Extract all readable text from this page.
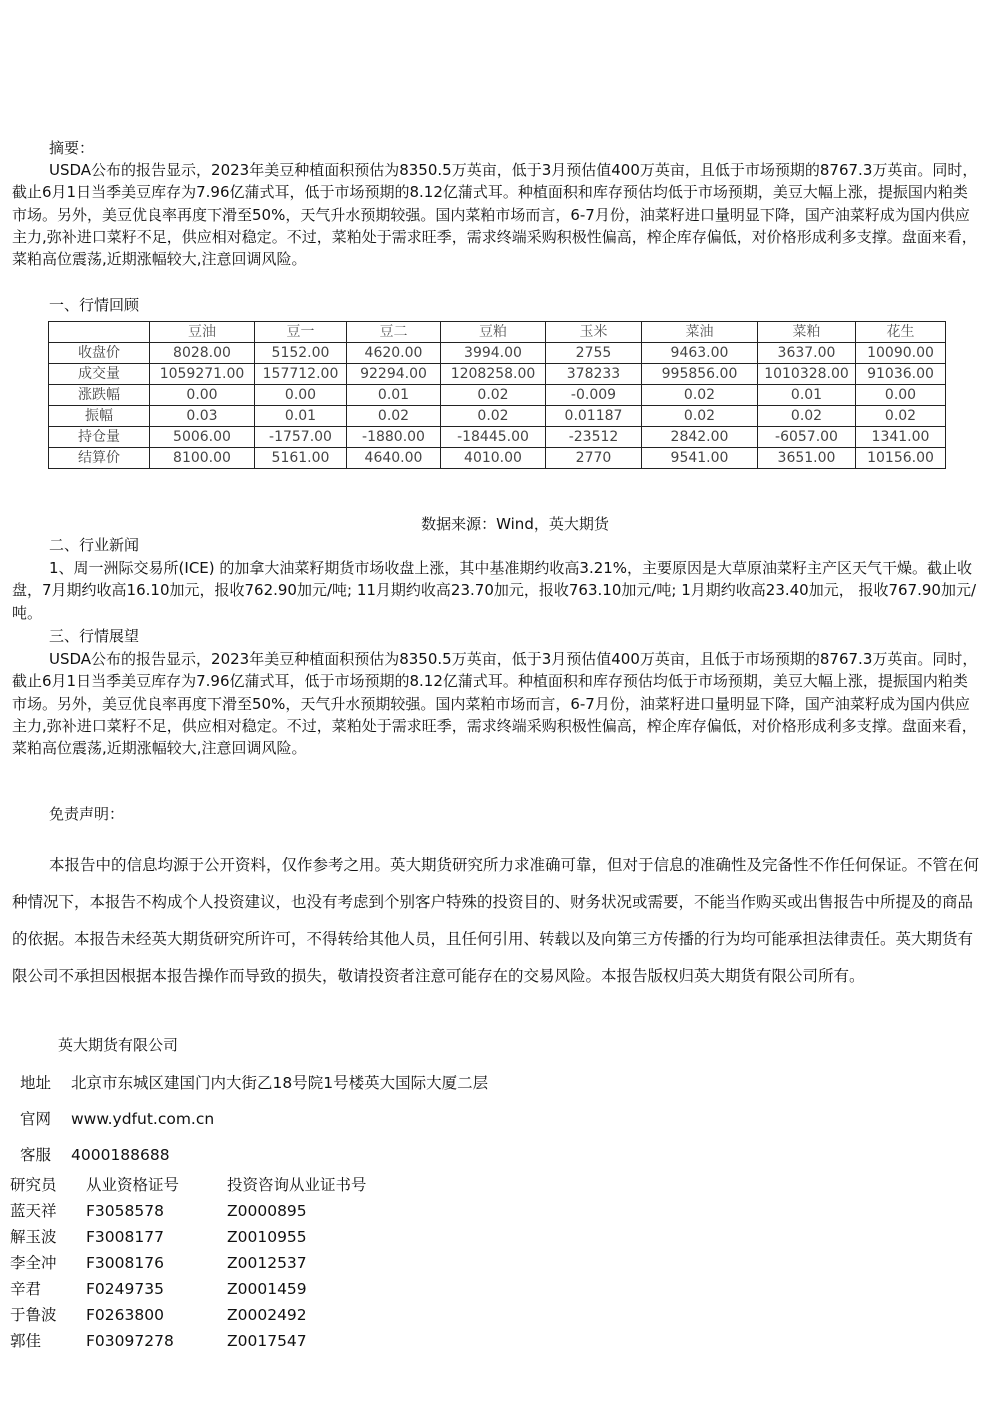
摘要：

USDA公布的报告显示，2023年美豆种植面积预估为8350.5万英亩，低于3月预估值400万英亩，且低于市场预期的8767.3万英亩。同时，截止6月1日当季美豆库存为7.96亿蒲式耳，低于市场预期的8.12亿蒲式耳。种植面积和库存预估均低于市场预期，美豆大幅上涨，提振国内粕类市场。另外，美豆优良率再度下滑至50%，天气升水预期较强。国内菜粕市场而言，6-7月份，油菜籽进口量明显下降，国产油菜籽成为国内供应主力,弥补进口菜籽不足，供应相对稳定。不过，菜粕处于需求旺季，需求终端采购积极性偏高，榨企库存偏低，对价格形成利多支撑。盘面来看，菜粕高位震荡,近期涨幅较大,注意回调风险。

一、行情回顾
	豆油	豆一	豆二	豆粕	玉米	菜油	菜粕	花生
收盘价	8028.00	5152.00	4620.00	3994.00	2755	9463.00	3637.00	10090.00
成交量	1059271.00	157712.00	92294.00	1208258.00	378233	995856.00	1010328.00	91036.00
涨跌幅	0.00	0.00	0.01	0.02	-0.009	0.02	0.01	0.00
振幅	0.03	0.01	0.02	0.02	0.01187	0.02	0.02	0.02
持仓量	5006.00	-1757.00	-1880.00	-18445.00	-23512	2842.00	-6057.00	1341.00
结算价	8100.00	5161.00	4640.00	4010.00	2770	9541.00	3651.00	10156.00
数据来源：Wind，英大期货
二、行业新闻

1、周一洲际交易所(ICE) 的加拿大油菜籽期货市场收盘上涨，其中基准期约收高3.21%，主要原因是大草原油菜籽主产区天气干燥。截止收盘，7月期约收高16.10加元，报收762.90加元/吨; 11月期约收高23.70加元，报收763.10加元/吨; 1月期约收高23.40加元， 报收767.90加元/吨。

三、行情展望

USDA公布的报告显示，2023年美豆种植面积预估为8350.5万英亩，低于3月预估值400万英亩，且低于市场预期的8767.3万英亩。同时，截止6月1日当季美豆库存为7.96亿蒲式耳，低于市场预期的8.12亿蒲式耳。种植面积和库存预估均低于市场预期，美豆大幅上涨，提振国内粕类市场。另外，美豆优良率再度下滑至50%，天气升水预期较强。国内菜粕市场而言，6-7月份，油菜籽进口量明显下降，国产油菜籽成为国内供应主力,弥补进口菜籽不足，供应相对稳定。不过，菜粕处于需求旺季，需求终端采购积极性偏高，榨企库存偏低，对价格形成利多支撑。盘面来看，菜粕高位震荡,近期涨幅较大,注意回调风险。

免责声明：
本报告中的信息均源于公开资料，仅作参考之用。英大期货研究所力求准确可靠，但对于信息的准确性及完备性不作任何保证。不管在何种情况下，本报告不构成个人投资建议，也没有考虑到个别客户特殊的投资目的、财务状况或需要，不能当作购买或出售报告中所提及的商品的依据。本报告未经英大期货研究所许可，不得转给其他人员，且任何引用、转载以及向第三方传播的行为均可能承担法律责任。英大期货有限公司不承担因根据本报告操作而导致的损失，敬请投资者注意可能存在的交易风险。本报告版权归英大期货有限公司所有。
英大期货有限公司
地址 北京市东城区建国门内大街乙18号院1号楼英大国际大厦二层
官网 www.ydfut.com.cn
客服 4000188688
研究员 从业资格证号	投资咨询从业证书号
蓝天祥 F3058578	Z0000895
解玉波 F3008177	Z0010955
李全冲 F3008176	Z0012537
辛君	F0249735	Z0001459
于鲁波 F0263800	Z0002492
郭佳	F03097278	Z0017547
